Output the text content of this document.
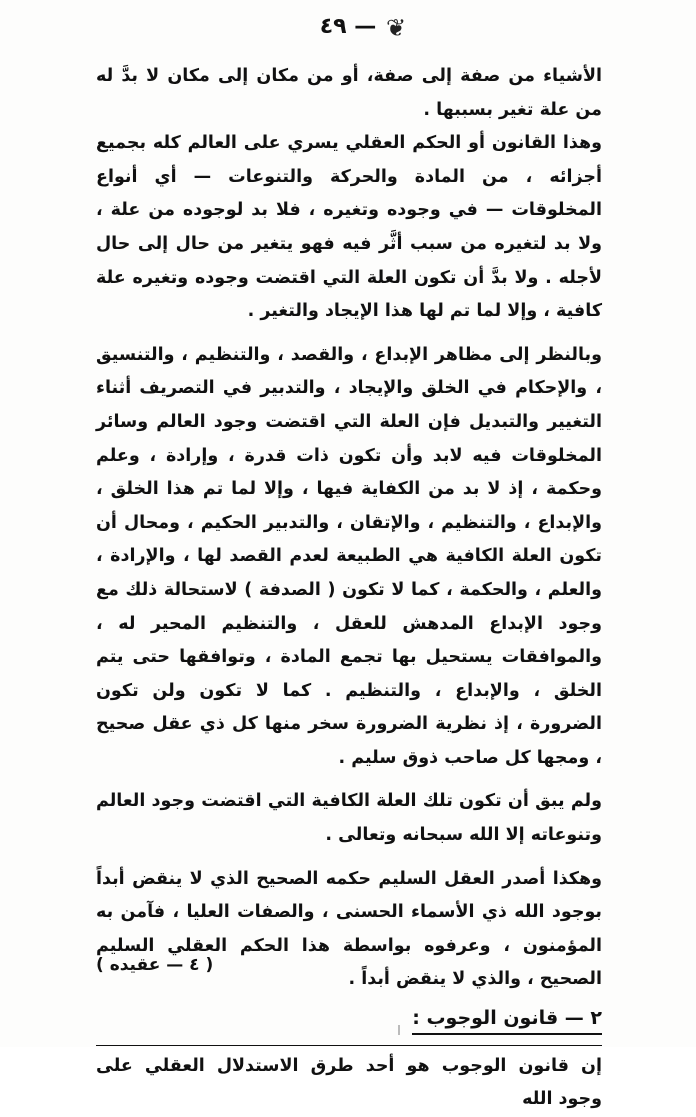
— ٤٩ ❦

الأشياء من صفة إلى صفة، أو من مكان إلى مكان لا بدَّ له من علة تغير بسببها .

وهذا القانون أو الحكم العقلي يسري على العالم كله بجميع أجزائه ، من المادة والحركة والتنوعات — أي أنواع المخلوقات — في وجوده وتغيره ، فلا بد لوجوده من علة ، ولا بد لتغيره من سبب أثَّر فيه فهو يتغير من حال إلى حال لأجله . ولا بدَّ أن تكون العلة التي اقتضت وجوده وتغيره علة كافية ، وإلا لما تم لها هذا الإيجاد والتغير .

وبالنظر إلى مظاهر الإبداع ، والقصد ، والتنظيم ، والتنسيق ، والإحكام في الخلق والإيجاد ، والتدبير في التصريف أثناء التغيير والتبديل فإن العلة التي اقتضت وجود العالم وسائر المخلوقات فيه لابد وأن تكون ذات قدرة ، وإرادة ، وعلم وحكمة ، إذ لا بد من الكفاية فيها ، وإلا لما تم هذا الخلق ، والإبداع ، والتنظيم ، والإتقان ، والتدبير الحكيم ، ومحال أن تكون العلة الكافية هي الطبيعة لعدم القصد لها ، والإرادة ، والعلم ، والحكمة ، كما لا تكون ( الصدفة ) لاستحالة ذلك مع وجود الإبداع المدهش للعقل ، والتنظيم المحير له ، والموافقات يستحيل بها تجمع المادة ، وتوافقها حتى يتم الخلق ، والإبداع ، والتنظيم . كما لا تكون ولن تكون الضرورة ، إذ نظرية الضرورة سخر منها كل ذي عقل صحيح ، ومجها كل صاحب ذوق سليم .

ولم يبق أن تكون تلك العلة الكافية التي اقتضت وجود العالم وتنوعاته إلا الله سبحانه وتعالى .

وهكذا أصدر العقل السليم حكمه الصحيح الذي لا ينقض أبداً بوجود الله ذي الأسماء الحسنى ، والصفات العليا ، فآمن به المؤمنون ، وعرفوه بواسطة هذا الحكم العقلي السليم الصحيح ، والذي لا ينقض أبداً .

٢ — قانون الوجوب :

إن قانون الوجوب هو أحد طرق الاستدلال العقلي على وجود الله

( ٤ — عقيده )
